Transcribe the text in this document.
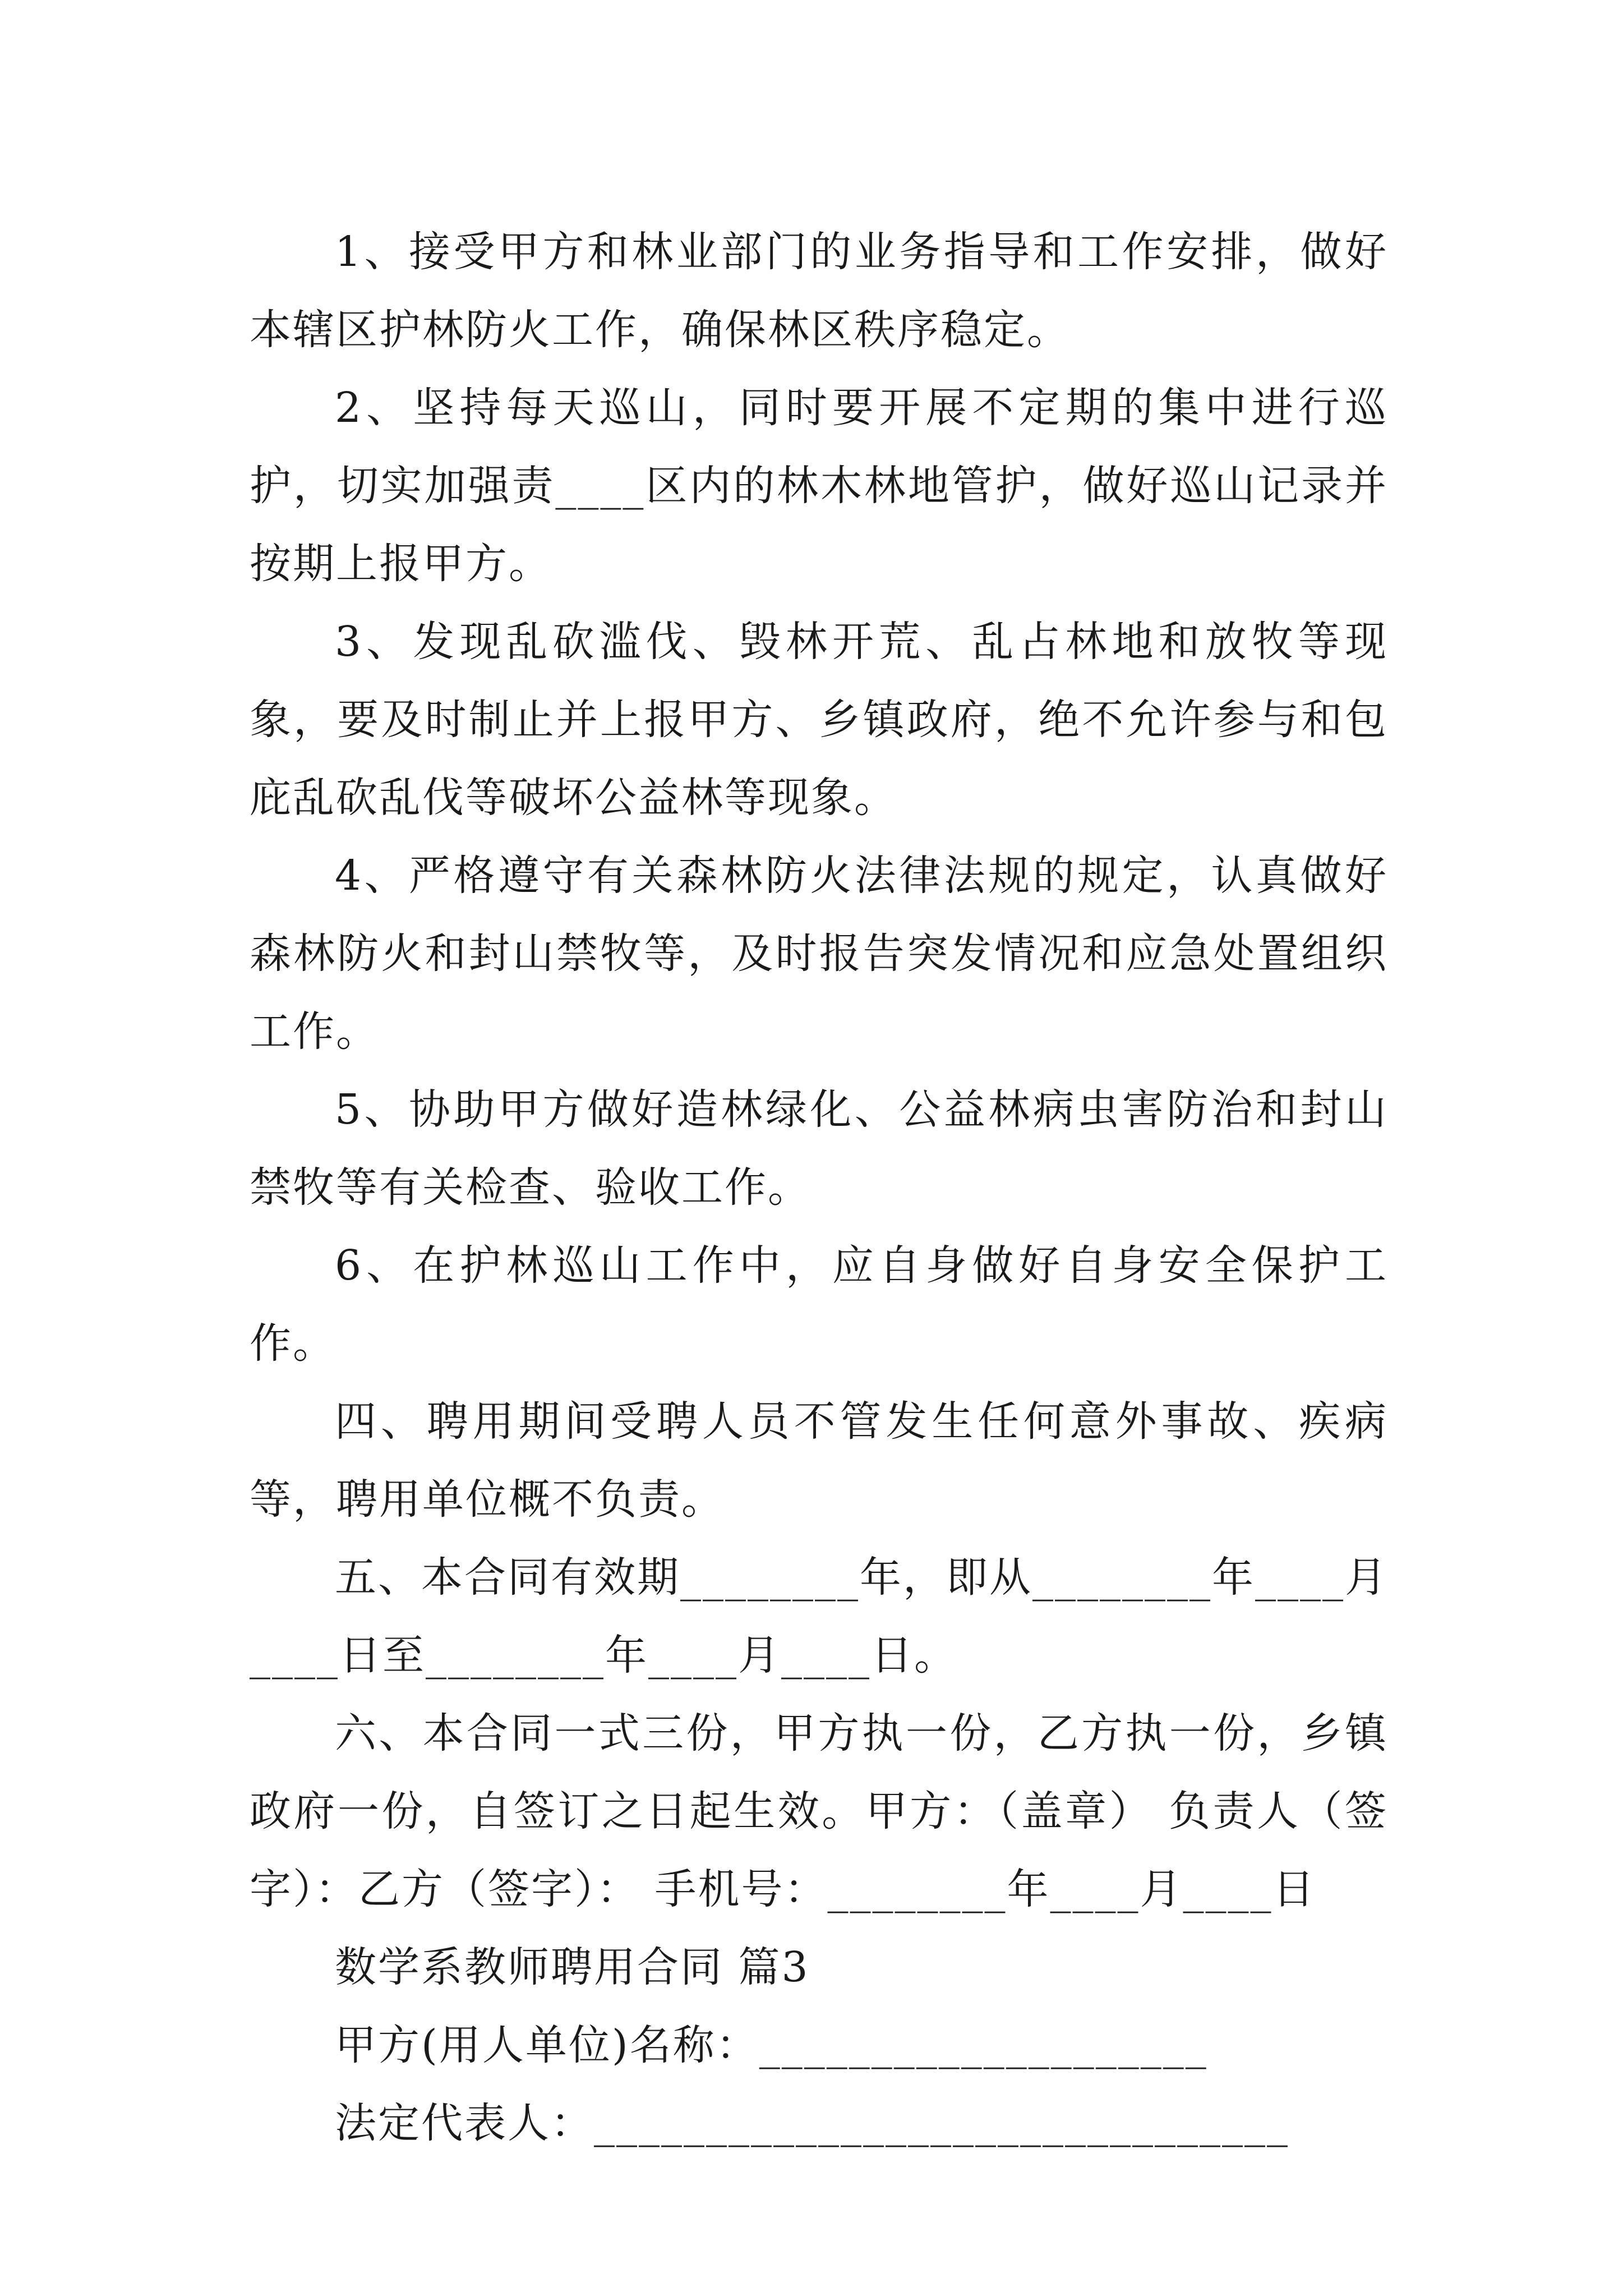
1、接受甲方和林业部门的业务指导和工作安排，做好本辖区护林防火工作，确保林区秩序稳定。

2、坚持每天巡山，同时要开展不定期的集中进行巡护，切实加强责____区内的林木林地管护，做好巡山记录并按期上报甲方。

3、发现乱砍滥伐、毁林开荒、乱占林地和放牧等现象，要及时制止并上报甲方、乡镇政府，绝不允许参与和包庇乱砍乱伐等破坏公益林等现象。

4、严格遵守有关森林防火法律法规的规定，认真做好森林防火和封山禁牧等，及时报告突发情况和应急处置组织工作。

5、协助甲方做好造林绿化、公益林病虫害防治和封山禁牧等有关检查、验收工作。

6、在护林巡山工作中，应自身做好自身安全保护工作。

四、聘用期间受聘人员不管发生任何意外事故、疾病等，聘用单位概不负责。

五、本合同有效期________年，即从________年____月____日至________年____月____日。

六、本合同一式三份，甲方执一份，乙方执一份，乡镇政府一份，自签订之日起生效。甲方：（盖章） 负责人（签字）：乙方（签字）： 手机号：________年____月____日

数学系教师聘用合同 篇3

甲方(用人单位)名称：____________________

法定代表人：_______________________________
